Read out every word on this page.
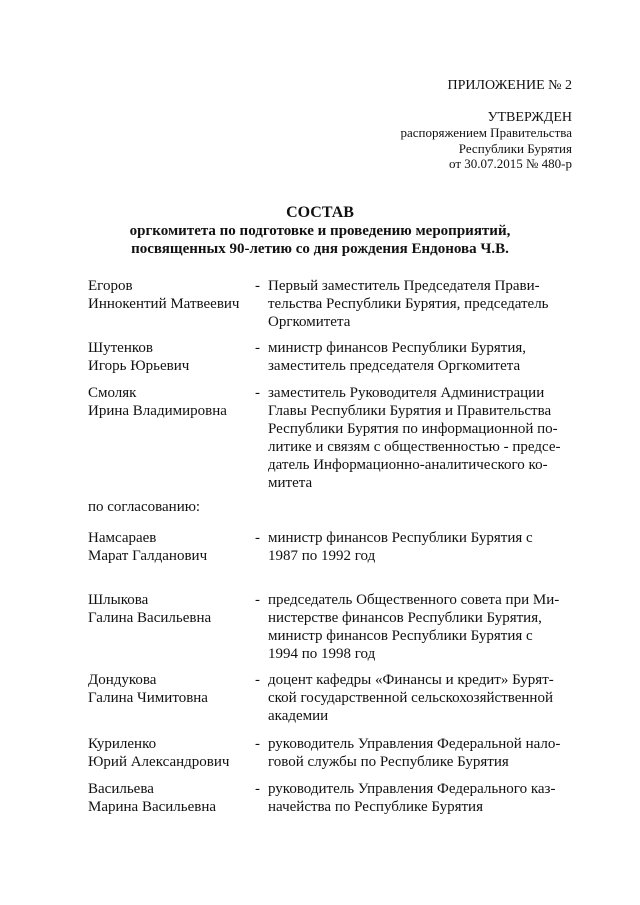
ПРИЛОЖЕНИЕ № 2
УТВЕРЖДЕН
распоряжением Правительства
Республики Бурятия
от 30.07.2015 № 480-р
СОСТАВ
оргкомитета по подготовке и проведению мероприятий,
посвященных 90-летию со дня рождения Ендонова Ч.В.
Егоров
Иннокентий Матвеевич
- Первый заместитель Председателя Прави-
тельства Республики Бурятия, председатель
Оргкомитета
Шутенков
Игорь Юрьевич
- министр финансов Республики Бурятия,
заместитель председателя Оргкомитета
Смоляк
Ирина Владимировна
- заместитель Руководителя Администрации
Главы Республики Бурятия и Правительства
Республики Бурятия по информационной по-
литике и связям с общественностью - предсе-
датель Информационно-аналитического ко-
митета
по согласованию:
Намсараев
Марат Галданович
- министр финансов Республики Бурятия с
1987 по 1992 год
Шлыкова
Галина Васильевна
- председатель Общественного совета при Ми-
нистерстве финансов Республики Бурятия,
министр финансов Республики Бурятия с
1994 по 1998 год
Дондукова
Галина Чимитовна
- доцент кафедры «Финансы и кредит» Бурят-
ской государственной сельскохозяйственной
академии
Куриленко
Юрий Александрович
- руководитель Управления Федеральной нало-
говой службы по Республике Бурятия
Васильева
Марина Васильевна
- руководитель Управления Федерального каз-
начейства по Республике Бурятия
